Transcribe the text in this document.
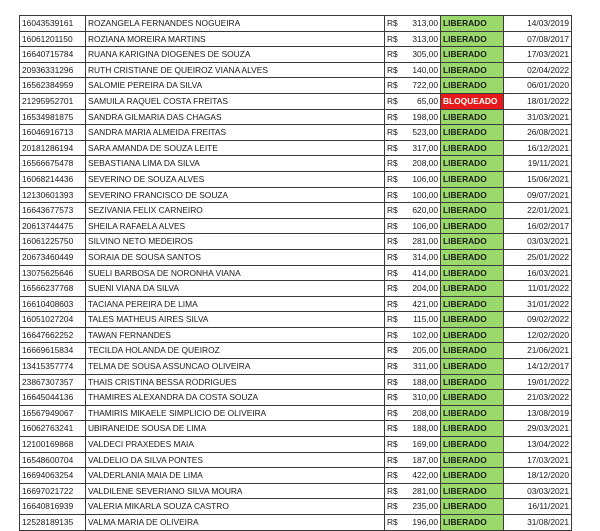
16043539161	ROZANGELA FERNANDES NOGUEIRA	R$	313,00	LIBERADO	14/03/2019
16061201150	ROZIANA MOREIRA MARTINS	R$	313,00	LIBERADO	07/08/2017
16640715784	RUANA KARIGINA DIOGENES DE SOUZA	R$	305,00	LIBERADO	17/03/2021
20936331296	RUTH CRISTIANE DE QUEIROZ VIANA ALVES	R$	140,00	LIBERADO	02/04/2022
16562384959	SALOMIE PEREIRA DA SILVA	R$	722,00	LIBERADO	06/01/2020
21295952701	SAMUILA RAQUEL COSTA FREITAS	R$	65,00	BLOQUEADO	18/01/2022
16534981875	SANDRA GILMARIA DAS CHAGAS	R$	198,00	LIBERADO	31/03/2021
16046916713	SANDRA MARIA ALMEIDA FREITAS	R$	523,00	LIBERADO	26/08/2021
20181286194	SARA AMANDA DE SOUZA LEITE	R$	317,00	LIBERADO	16/12/2021
16566675478	SEBASTIANA LIMA DA SILVA	R$	208,00	LIBERADO	19/11/2021
16068214436	SEVERINO DE SOUZA ALVES	R$	106,00	LIBERADO	15/06/2021
12130601393	SEVERINO FRANCISCO DE SOUZA	R$	100,00	LIBERADO	09/07/2021
16643677573	SEZIVANIA FELIX CARNEIRO	R$	620,00	LIBERADO	22/01/2021
20613744475	SHEILA RAFAELA ALVES	R$	106,00	LIBERADO	16/02/2017
16061225750	SILVINO NETO MEDEIROS	R$	281,00	LIBERADO	03/03/2021
20673460449	SORAIA DE SOUSA SANTOS	R$	314,00	LIBERADO	25/01/2022
13075625646	SUELI BARBOSA DE NORONHA VIANA	R$	414,00	LIBERADO	16/03/2021
16566237768	SUENI VIANA DA SILVA	R$	204,00	LIBERADO	11/01/2022
16610408603	TACIANA PEREIRA DE LIMA	R$	421,00	LIBERADO	31/01/2022
16051027204	TALES MATHEUS AIRES SILVA	R$	115,00	LIBERADO	09/02/2022
16647662252	TAWAN FERNANDES	R$	102,00	LIBERADO	12/02/2020
16669615834	TECILDA HOLANDA DE QUEIROZ	R$	205,00	LIBERADO	21/06/2021
13415357774	TELMA DE SOUSA ASSUNCAO OLIVEIRA	R$	311,00	LIBERADO	14/12/2017
23867307357	THAIS CRISTINA BESSA RODRIGUES	R$	188,00	LIBERADO	19/01/2022
16645044136	THAMIRES ALEXANDRA DA COSTA SOUZA	R$	310,00	LIBERADO	21/03/2022
16567949067	THAMIRIS MIKAELE SIMPLICIO DE OLIVEIRA	R$	208,00	LIBERADO	13/08/2019
16062763241	UBIRANEIDE SOUSA DE LIMA	R$	188,00	LIBERADO	29/03/2021
12100169868	VALDECI PRAXEDES MAIA	R$	169,00	LIBERADO	13/04/2022
16548600704	VALDELIO DA SILVA PONTES	R$	187,00	LIBERADO	17/03/2021
16694063254	VALDERLANIA MAIA DE LIMA	R$	422,00	LIBERADO	18/12/2020
16697021722	VALDILENE SEVERIANO SILVA MOURA	R$	281,00	LIBERADO	03/03/2021
16640816939	VALERIA MIKARLA SOUZA CASTRO	R$	235,00	LIBERADO	16/11/2021
12528189135	VALMA MARIA DE OLIVEIRA	R$	196,00	LIBERADO	31/08/2021
